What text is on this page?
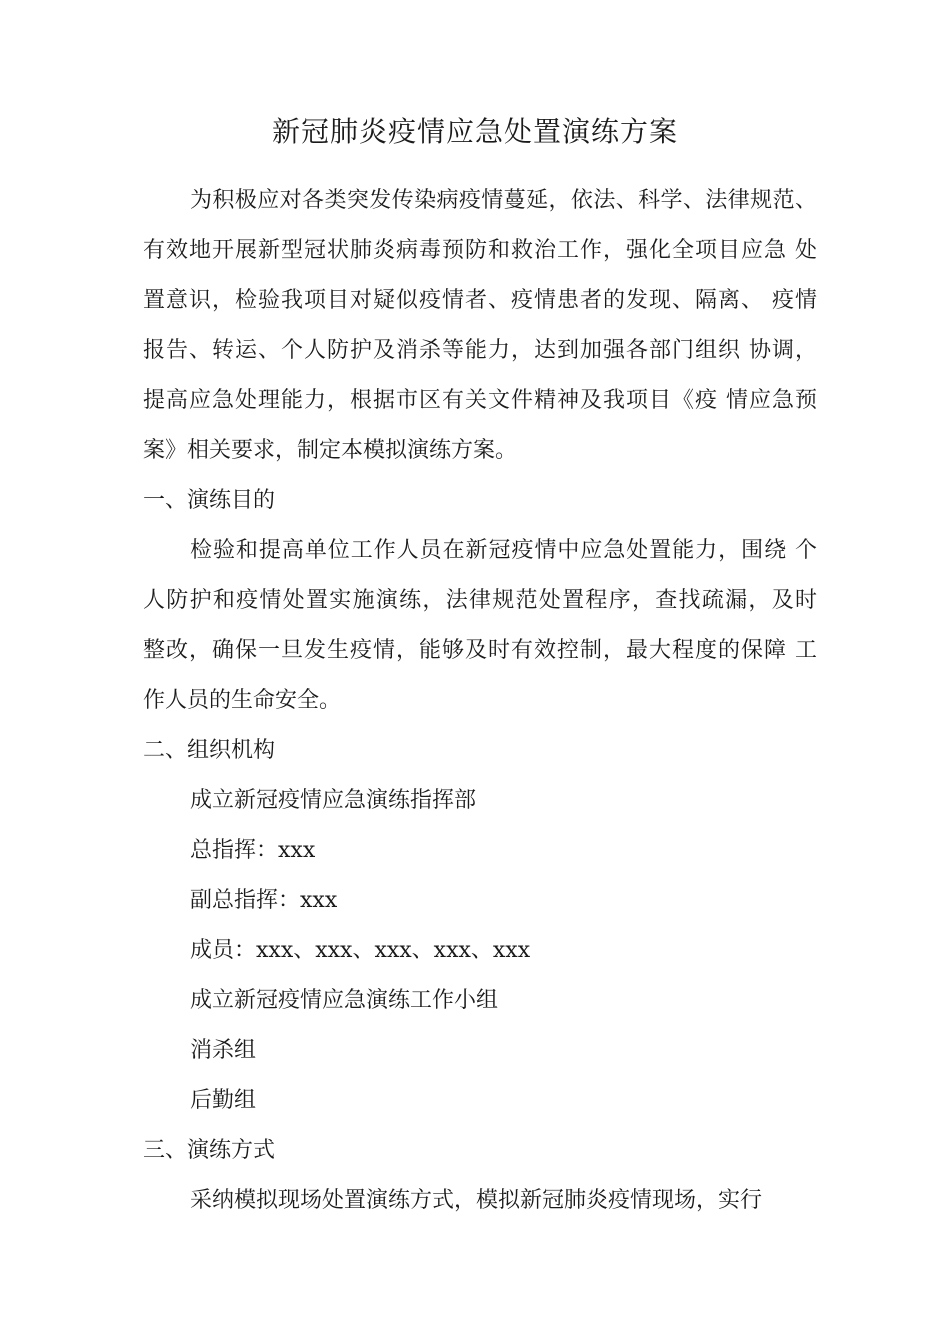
新冠肺炎疫情应急处置演练方案
为积极应对各类突发传染病疫情蔓延，依法、科学、法律规范、
有效地开展新型冠状肺炎病毒预防和救治工作，强化全项目应急 处
置意识，检验我项目对疑似疫情者、疫情患者的发现、隔离、 疫情
报告、转运、个人防护及消杀等能力，达到加强各部门组织 协调，
提高应急处理能力，根据市区有关文件精神及我项目《疫 情应急预
案》相关要求，制定本模拟演练方案。
一、演练目的
检验和提高单位工作人员在新冠疫情中应急处置能力，围绕 个
人防护和疫情处置实施演练，法律规范处置程序，查找疏漏，及时
整改，确保一旦发生疫情，能够及时有效控制，最大程度的保障 工
作人员的生命安全。
二、组织机构
成立新冠疫情应急演练指挥部
总指挥：xxx
副总指挥：xxx
成员：xxx、xxx、xxx、xxx、xxx
成立新冠疫情应急演练工作小组
消杀组
后勤组
三、演练方式
采纳模拟现场处置演练方式，模拟新冠肺炎疫情现场，实行
